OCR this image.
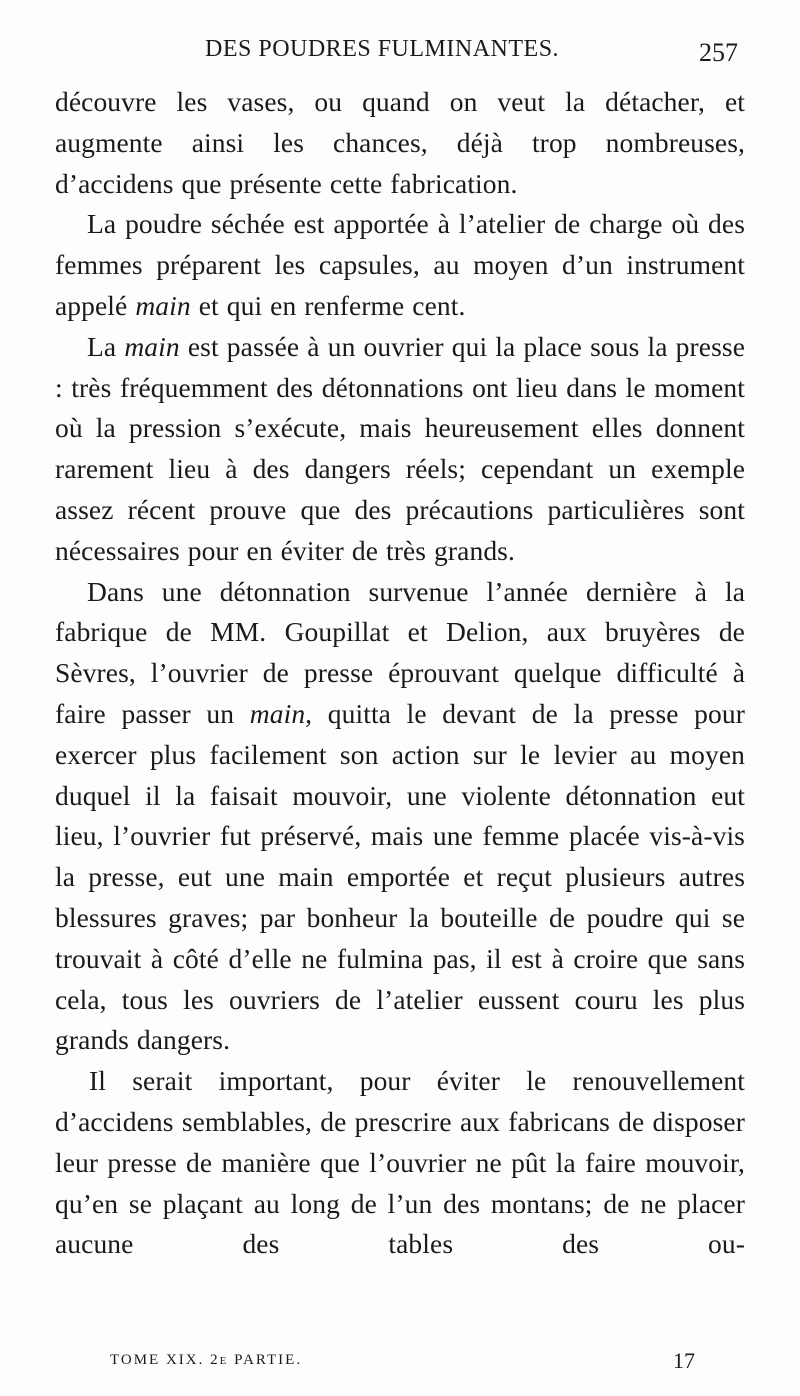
DES POUDRES FULMINANTES.	257

découvre les vases, ou quand on veut la détacher, et augmente ainsi les chances, déjà trop nombreuses, d’accidens que présente cette fabrication.

La poudre séchée est apportée à l’atelier de charge où des femmes préparent les capsules, au moyen d’un instrument appelé main et qui en renferme cent.

La main est passée à un ouvrier qui la place sous la presse : très fréquemment des détonnations ont lieu dans le moment où la pression s’exécute, mais heureusement elles donnent rarement lieu à des dangers réels; cependant un exemple assez récent prouve que des précautions particulières sont nécessaires pour en éviter de très grands.

Dans une détonnation survenue l’année dernière à la fabrique de MM. Goupillat et Delion, aux bruyères de Sèvres, l’ouvrier de presse éprouvant quelque difficulté à faire passer un main, quitta le devant de la presse pour exercer plus facilement son action sur le levier au moyen duquel il la faisait mouvoir, une violente détonnation eut lieu, l’ouvrier fut préservé, mais une femme placée vis-à-vis la presse, eut une main emportée et reçut plusieurs autres blessures graves; par bonheur la bouteille de poudre qui se trouvait à côté d’elle ne fulmina pas, il est à croire que sans cela, tous les ouvriers de l’atelier eussent couru les plus grands dangers.

Il serait important, pour éviter le renouvellement d’accidens semblables, de prescrire aux fabricans de disposer leur presse de manière que l’ouvrier ne pût la faire mouvoir, qu’en se plaçant au long de l’un des montans; de ne placer aucune des tables des ou-

TOME XIX. 2e PARTIE.	17
